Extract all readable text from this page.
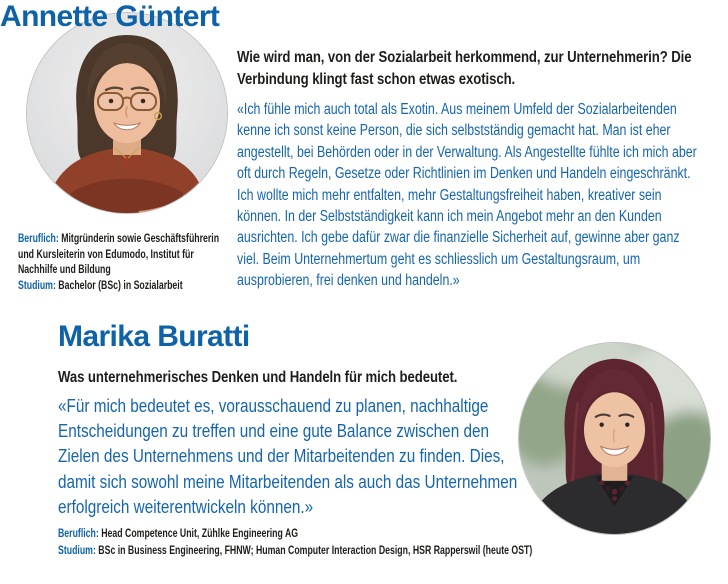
Annette Güntert

Wie wird man, von der Sozialarbeit herkommend, zur Unternehmerin? Die Verbindung klingt fast schon etwas exotisch.

«Ich fühle mich auch total als Exotin. Aus meinem Umfeld der Sozialarbeitenden kenne ich sonst keine Person, die sich selbstständig gemacht hat. Man ist eher angestellt, bei Behörden oder in der Verwaltung. Als Angestellte fühlte ich mich aber oft durch Regeln, Gesetze oder Richtlinien im Denken und Handeln eingeschränkt. Ich wollte mich mehr entfalten, mehr Gestaltungsfreiheit haben, kreativer sein können. In der Selbstständigkeit kann ich mein Angebot mehr an den Kunden ausrichten. Ich gebe dafür zwar die finanzielle Sicherheit auf, gewinne aber ganz viel. Beim Unternehmertum geht es schliesslich um Gestaltungsraum, um ausprobieren, frei denken und handeln.»

Beruflich: Mitgründerin sowie Geschäftsführerin und Kursleiterin von Edumodo, Institut für Nachhilfe und Bildung

Studium: Bachelor (BSc) in Sozialarbeit

Marika Buratti

Was unternehmerisches Denken und Handeln für mich bedeutet.

«Für mich bedeutet es, vorausschauend zu planen, nachhaltige Entscheidungen zu treffen und eine gute Balance zwischen den Zielen des Unternehmens und der Mitarbeitenden zu finden. Dies, damit sich sowohl meine Mitarbeitenden als auch das Unternehmen erfolgreich weiterentwickeln können.»

Beruflich: Head Competence Unit, Zühlke Engineering AG

Studium: BSc in Business Engineering, FHNW; Human Computer Interaction Design, HSR Rapperswil (heute OST)
